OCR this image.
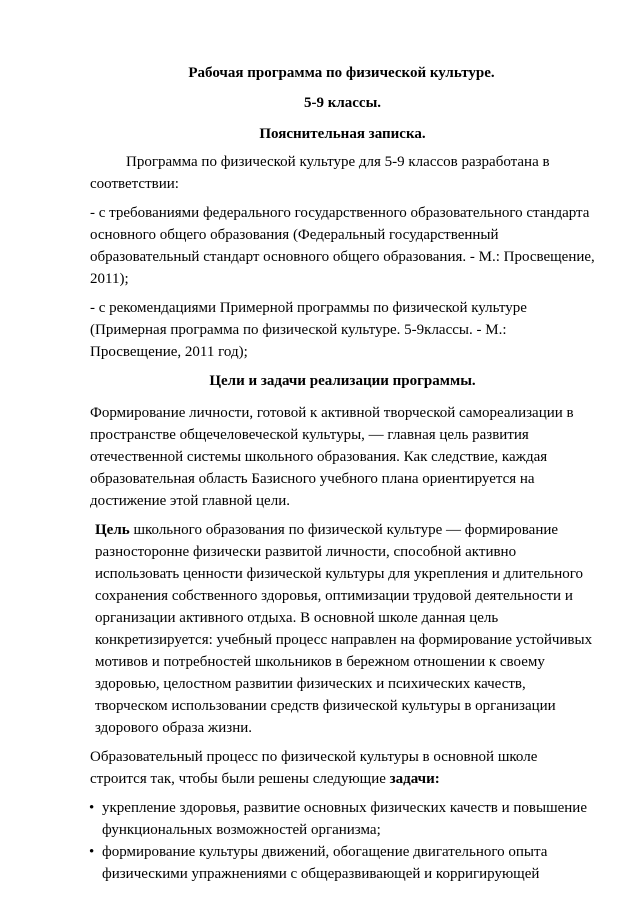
Рабочая программа по физической культуре.

5-9 классы.

Пояснительная записка.

Программа по физической культуре для 5-9 классов разработана в соответствии:

- с требованиями федерального государственного образовательного стандарта основного общего образования (Федеральный государственный образовательный стандарт основного общего образования. - М.: Просвещение, 2011);

- с рекомендациями Примерной программы по физической культуре (Примерная программа по физической культуре. 5-9классы. - М.: Просвещение, 2011 год);

Цели и задачи реализации программы.

Формирование личности, готовой к активной творческой самореализации в пространстве общечеловеческой культуры, — главная цель развития отечественной системы школьного образования. Как следствие, каждая образовательная область Базисного учебного плана ориентируется на достижение этой главной цели.

Цель школьного образования по физической культуре — формирование разносторонне физически развитой личности, способной активно использовать ценности физической культуры для укрепления и длительного сохранения собственного здоровья, оптимизации трудовой деятельности и организации активного отдыха. В основной школе данная цель конкретизируется: учебный процесс направлен на формирование устойчивых мотивов и потребностей школьников в бережном отношении к своему здоровью, целостном развитии физических и психических качеств, творческом использовании средств физической культуры в организации здорового образа жизни.

Образовательный процесс по физической культуры в основной школе строится так, чтобы были решены следующие задачи:

• укрепление здоровья, развитие основных физических качеств и повышение функциональных возможностей организма;
• формирование культуры движений, обогащение двигательного опыта физическими упражнениями с общеразвивающей и корригирующей
